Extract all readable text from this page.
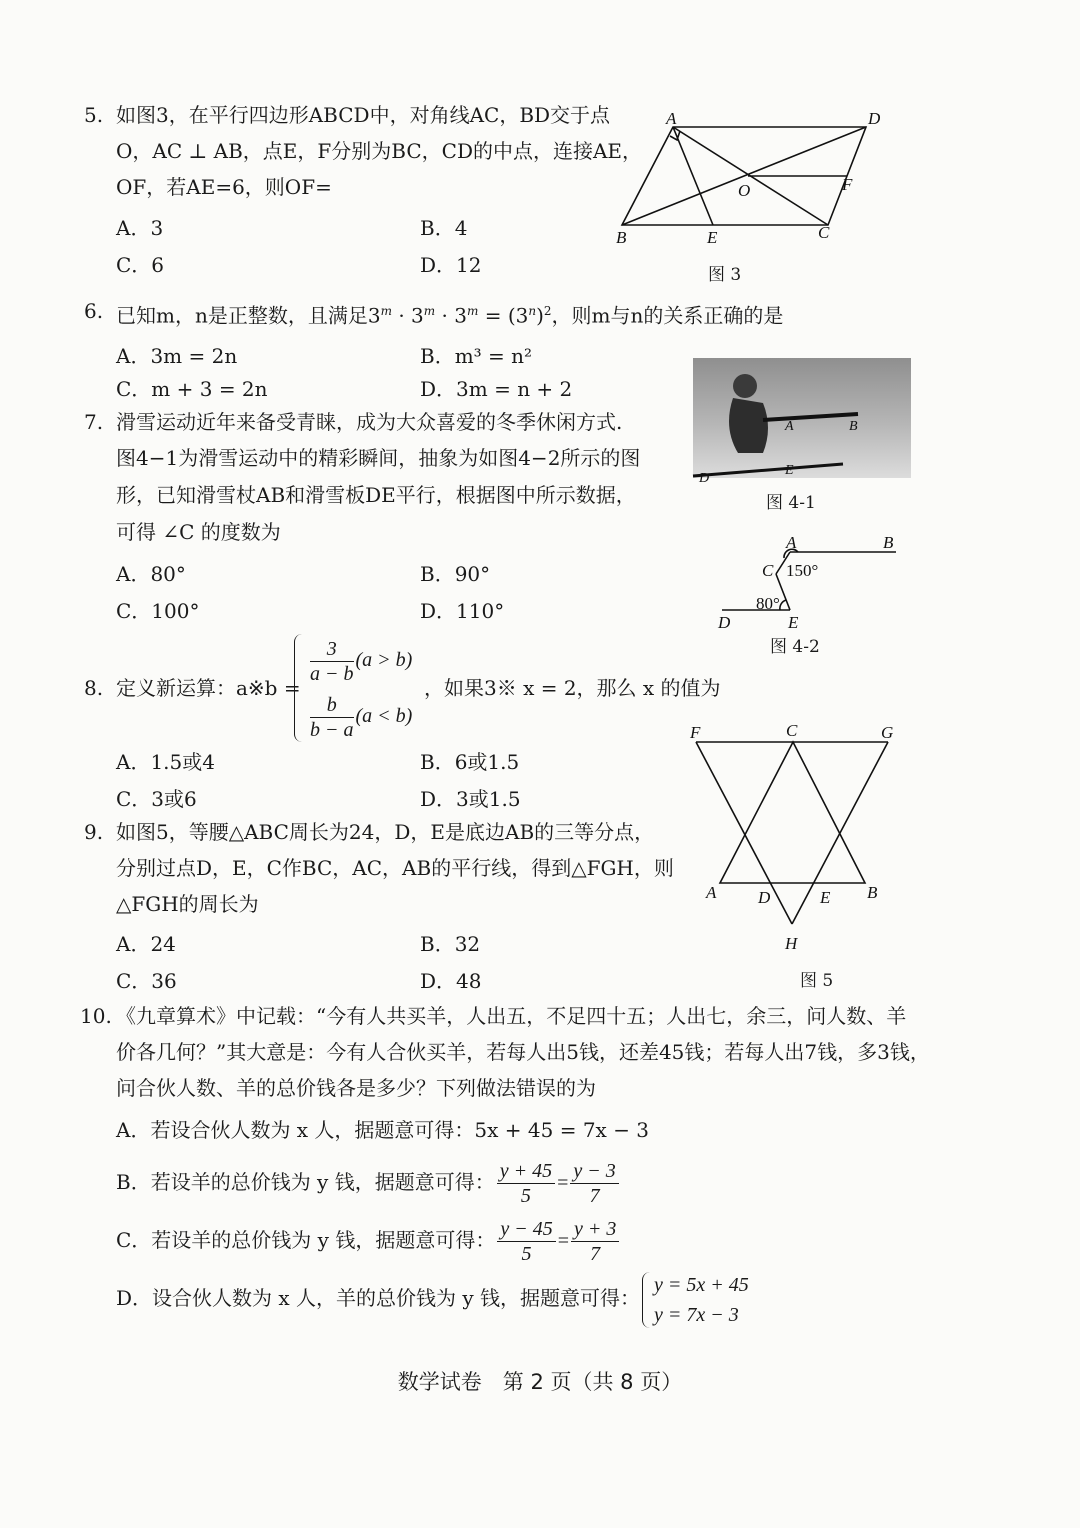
5. 如图3，在平行四边形ABCD中，对角线AC，BD交于点
O，AC ⊥ AB，点E，F分别为BC，CD的中点，连接AE，
OF，若AE=6，则OF=
A．3	B．4
C．6	D．12
A	D
O	F
B	E	C
图 3
6. 已知m，n是正整数，且满足$3^m \cdot 3^m \cdot 3^m = (3^n)^2$，则m与n的关系正确的是
A．3m = 2n	B．m³ = n²
C．m + 3 = 2n	D．3m = n + 2
7. 滑雪运动近年来备受青睐，成为大众喜爱的冬季休闲方式.
图4−1为滑雪运动中的精彩瞬间，抽象为如图4−2所示的图
形，已知滑雪杖AB和滑雪板DE平行，根据图中所示数据，
可得 ∠C 的度数为
A．80°	B．90°
C．100°	D．110°
A	B
D
E
图 4-1
A	B
C 150°
80°
D	E
图 4-2
8. 定义新运算：a※b =
$\frac{3}{a - b} (a > b)$
$\frac{b}{b - a} (a < b)$
，如果3※ x = 2，那么 x 的值为
A．1.5或4	B．6或1.5
C．3或6	D．3或1.5
9. 如图5，等腰△ABC周长为24，D，E是底边AB的三等分点，
分别过点D，E，C作BC，AC，AB的平行线，得到△FGH，则
△FGH的周长为
A．24	B．32
C．36	D．48
F	C	G
A D	E B
H
图 5
10. 《九章算术》中记载：“今有人共买羊，人出五，不足四十五；人出七，余三，问人数、羊
价各几何？”其大意是：今有人合伙买羊，若每人出5钱，还差45钱；若每人出7钱，多3钱，
问合伙人数、羊的总价钱各是多少？下列做法错误的为
A．若设合伙人数为 x 人，据题意可得：5x + 45 = 7x − 3
B．若设羊的总价钱为 y 钱，据题意可得： $\frac{y + 45}{5} = \frac{y - 3}{7}$
C．若设羊的总价钱为 y 钱，据题意可得： $\frac{y - 45}{5} = \frac{y + 3}{7}$
D．设合伙人数为 x 人，羊的总价钱为 y 钱，据题意可得：
y = 5x + 45
y = 7x − 3
数学试卷　第 2 页（共 8 页）
